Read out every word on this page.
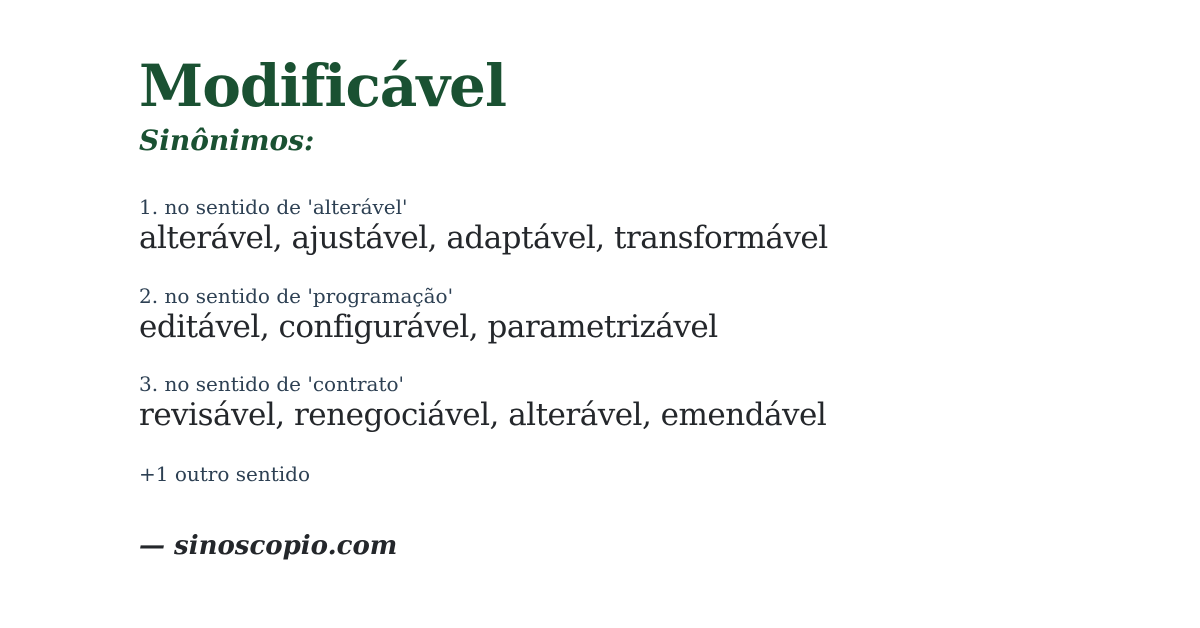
Modificável
Sinônimos:
1. no sentido de 'alterável'
alterável, ajustável, adaptável, transformável
2. no sentido de 'programação'
editável, configurável, parametrizável
3. no sentido de 'contrato'
revisável, renegociável, alterável, emendável
+1 outro sentido
— sinoscopio.com
